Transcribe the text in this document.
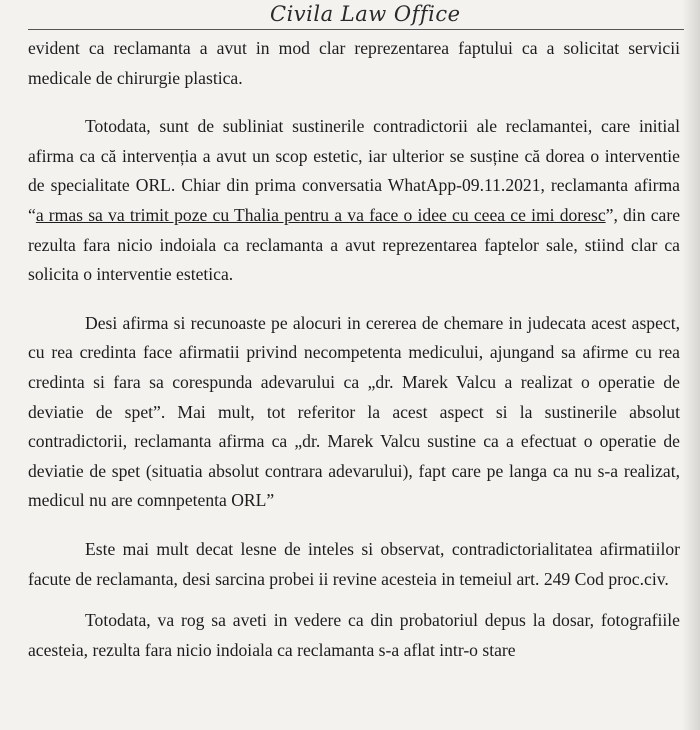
Civila Law Office

evident ca reclamanta a avut in mod clar reprezentarea faptului ca a solicitat servicii medicale de chirurgie plastica.

Totodata, sunt de subliniat sustinerile contradictorii ale reclamantei, care initial afirma ca că intervenția a avut un scop estetic, iar ulterior se susține că dorea o interventie de specialitate ORL. Chiar din prima conversatia WhatApp-09.11.2021, reclamanta afirma “a rmas sa va trimit poze cu Thalia pentru a va face o idee cu ceea ce imi doresc”, din care rezulta fara nicio indoiala ca reclamanta a avut reprezentarea faptelor sale, stiind clar ca solicita o interventie estetica.

Desi afirma si recunoaste pe alocuri in cererea de chemare in judecata acest aspect, cu rea credinta face afirmatii privind necompetenta medicului, ajungand sa afirme cu rea credinta si fara sa corespunda adevarului ca „dr. Marek Valcu a realizat o operatie de deviatie de spet”. Mai mult, tot referitor la acest aspect si la sustinerile absolut contradictorii, reclamanta afirma ca „dr. Marek Valcu sustine ca a efectuat o operatie de deviatie de spet (situatia absolut contrara adevarului), fapt care pe langa ca nu s-a realizat, medicul nu are comnpetenta ORL”

Este mai mult decat lesne de inteles si observat, contradictorialitatea afirmatiilor facute de reclamanta, desi sarcina probei ii revine acesteia in temeiul art. 249 Cod proc.civ.

Totodata, va rog sa aveti in vedere ca din probatoriul depus la dosar, fotografiile acesteia, rezulta fara nicio indoiala ca reclamanta s-a aflat intr-o stare
